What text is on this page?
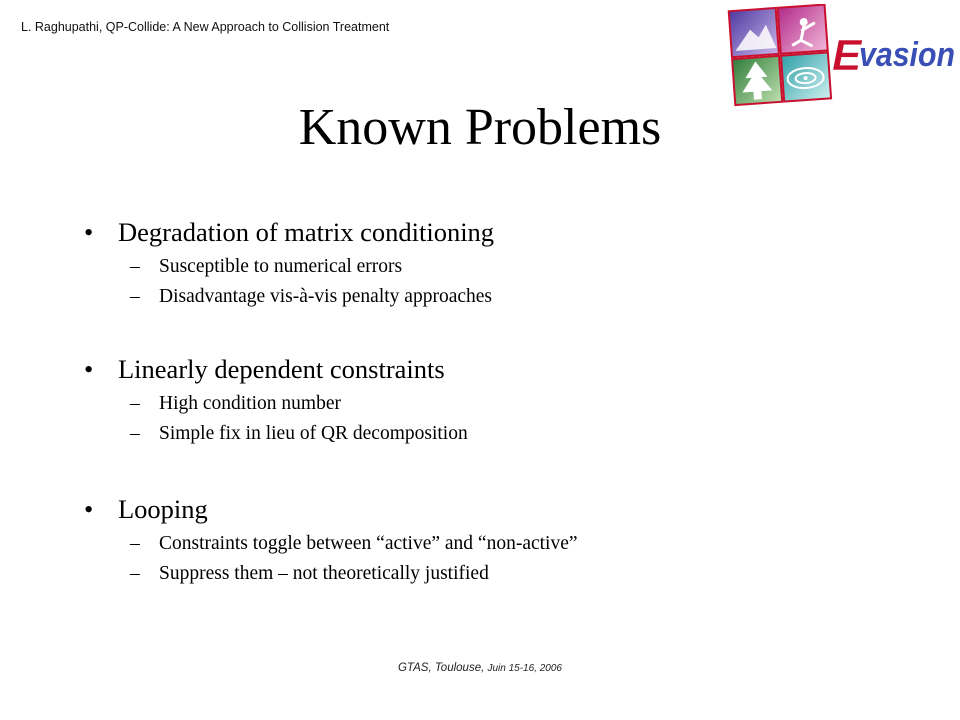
L. Raghupathi, QP-Collide: A New Approach to Collision Treatment
E
vasion
Known Problems
• Degradation of matrix conditioning
– Susceptible to numerical errors
– Disadvantage vis-à-vis penalty approaches
• Linearly dependent constraints
– High condition number
– Simple fix in lieu of QR decomposition
• Looping
– Constraints toggle between “active” and “non-active”
– Suppress them – not theoretically justified
GTAS, Toulouse, Juin 15-16, 2006
